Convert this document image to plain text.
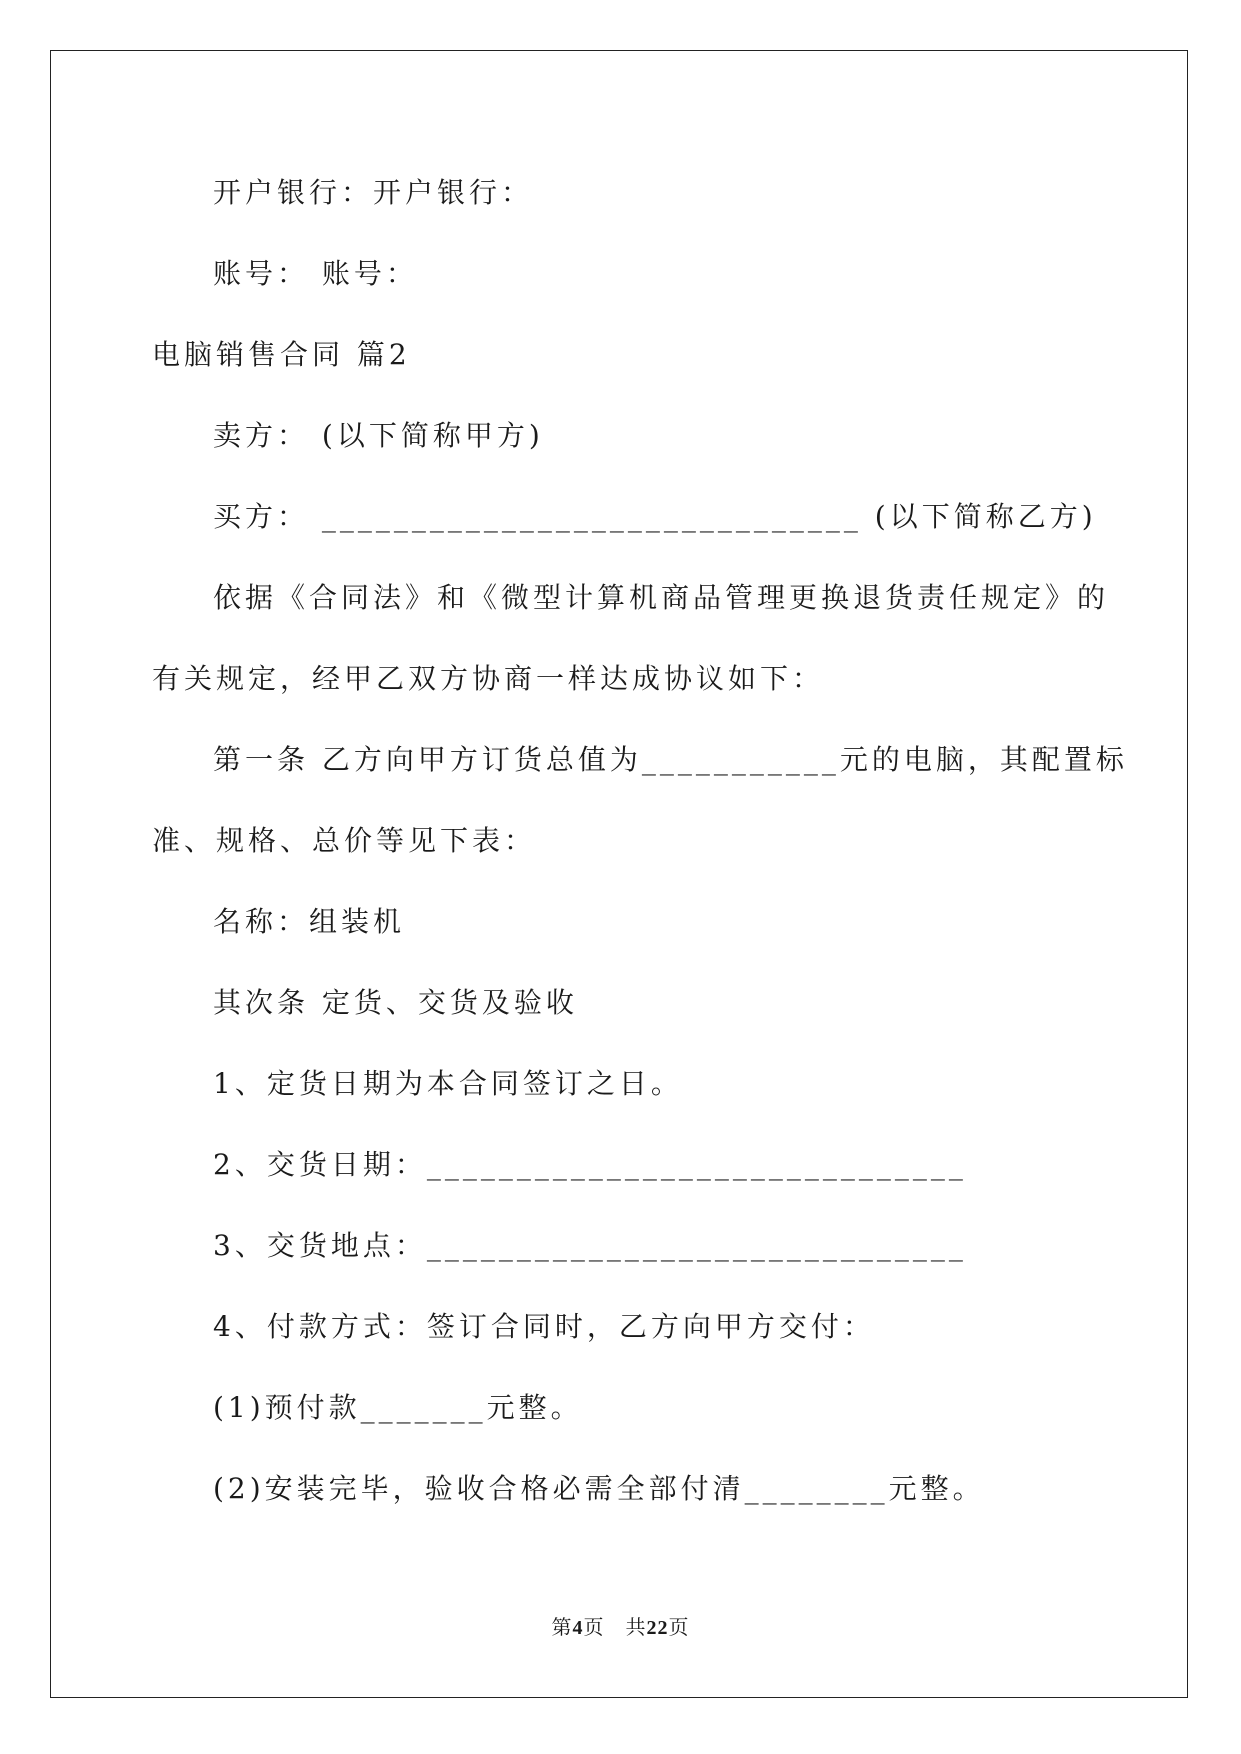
开户银行：开户银行：
账号： 账号：
电脑销售合同 篇2
卖方： (以下简称甲方)
买方： ______________________________ (以下简称乙方)
依据《合同法》和《微型计算机商品管理更换退货责任规定》的
有关规定，经甲乙双方协商一样达成协议如下：
第一条 乙方向甲方订货总值为___________元的电脑，其配置标
准、规格、总价等见下表：
名称：组装机
其次条 定货、交货及验收
1、定货日期为本合同签订之日。
2、交货日期：______________________________
3、交货地点：______________________________
4、付款方式：签订合同时，乙方向甲方交付：
(1)预付款_______元整。
(2)安装完毕，验收合格必需全部付清________元整。
第4页　共22页
